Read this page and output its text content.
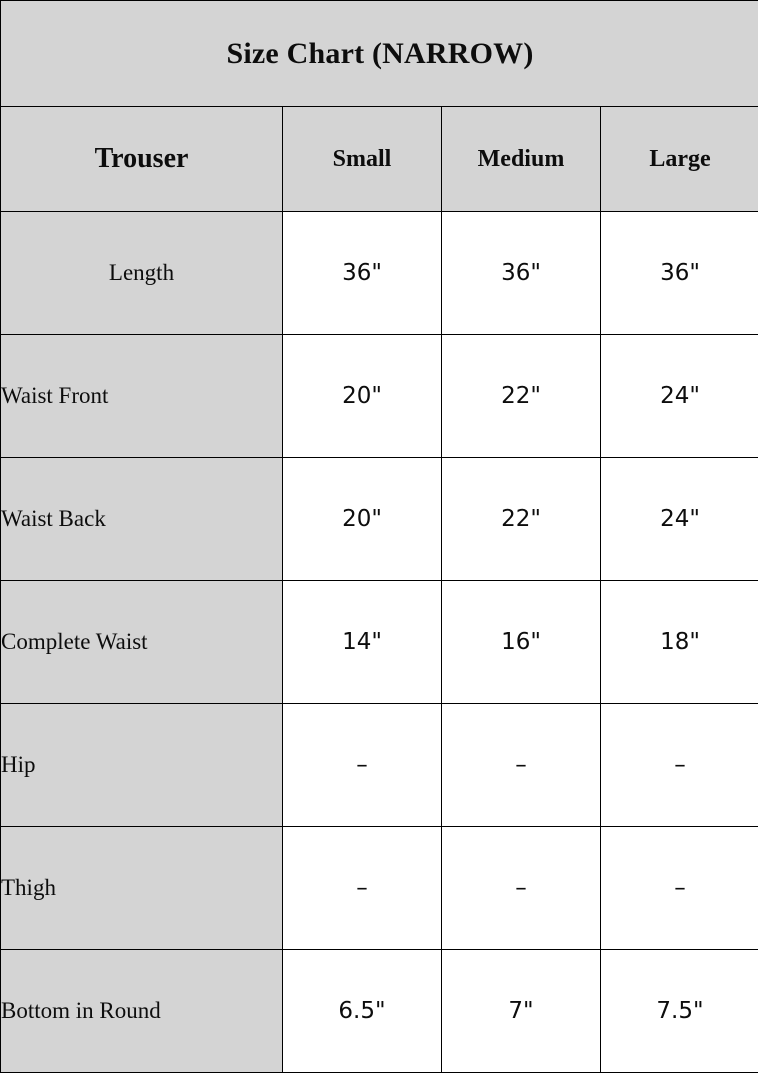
Size Chart (NARROW)			
Trouser	Small	Medium	Large
Length	36"	36"	36"
Waist Front	20"	22"	24"
Waist Back	20"	22"	24"
Complete Waist	14"	16"	18"
Hip	–	–	–
Thigh	–	–	–
Bottom in Round	6.5"	7"	7.5"
